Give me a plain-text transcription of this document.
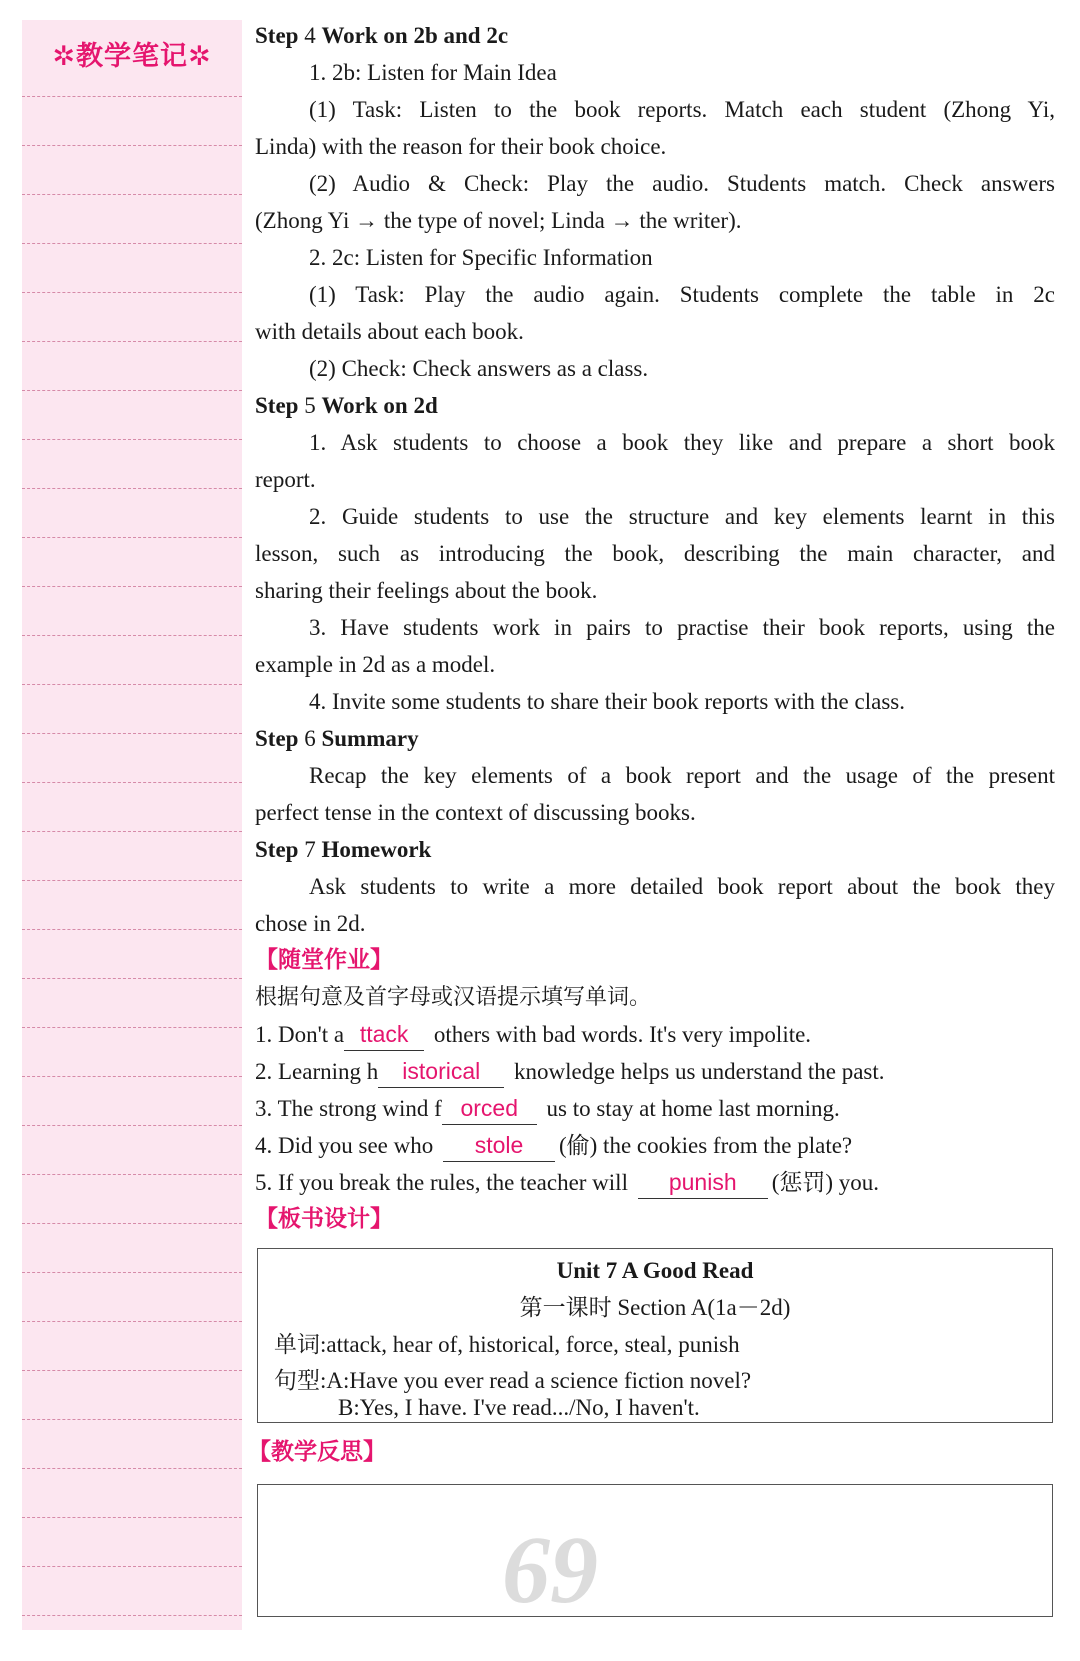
✲教学笔记✲
Step 4 Work on 2b and 2c
1. 2b: Listen for Main Idea
(1) Task: Listen to the book reports. Match each student (Zhong Yi,
Linda) with the reason for their book choice.
(2) Audio & Check: Play the audio. Students match. Check answers
(Zhong Yi → the type of novel; Linda → the writer).
2. 2c: Listen for Specific Information
(1) Task: Play the audio again. Students complete the table in 2c
with details about each book.
(2) Check: Check answers as a class.
Step 5 Work on 2d
1. Ask students to choose a book they like and prepare a short book
report.
2. Guide students to use the structure and key elements learnt in this
lesson, such as introducing the book, describing the main character, and
sharing their feelings about the book.
3. Have students work in pairs to practise their book reports, using the
example in 2d as a model.
4. Invite some students to share their book reports with the class.
Step 6 Summary
Recap the key elements of a book report and the usage of the present
perfect tense in the context of discussing books.
Step 7 Homework
Ask students to write a more detailed book report about the book they
chose in 2d.
【随堂作业】
根据句意及首字母或汉语提示填写单词。
1. Don't a ttack others with bad words. It's very impolite.
2. Learning h istorical knowledge helps us understand the past.
3. The strong wind f orced us to stay at home last morning.
4. Did you see who stole (偷) the cookies from the plate?
5. If you break the rules, the teacher will punish (惩罚) you.
【板书设计】
Unit 7 A Good Read
第一课时 Section A(1a－2d)
单词:attack, hear of, historical, force, steal, punish
句型:A:Have you ever read a science fiction novel?
B:Yes, I have. I've read.../No, I haven't.
【教学反思】
69
